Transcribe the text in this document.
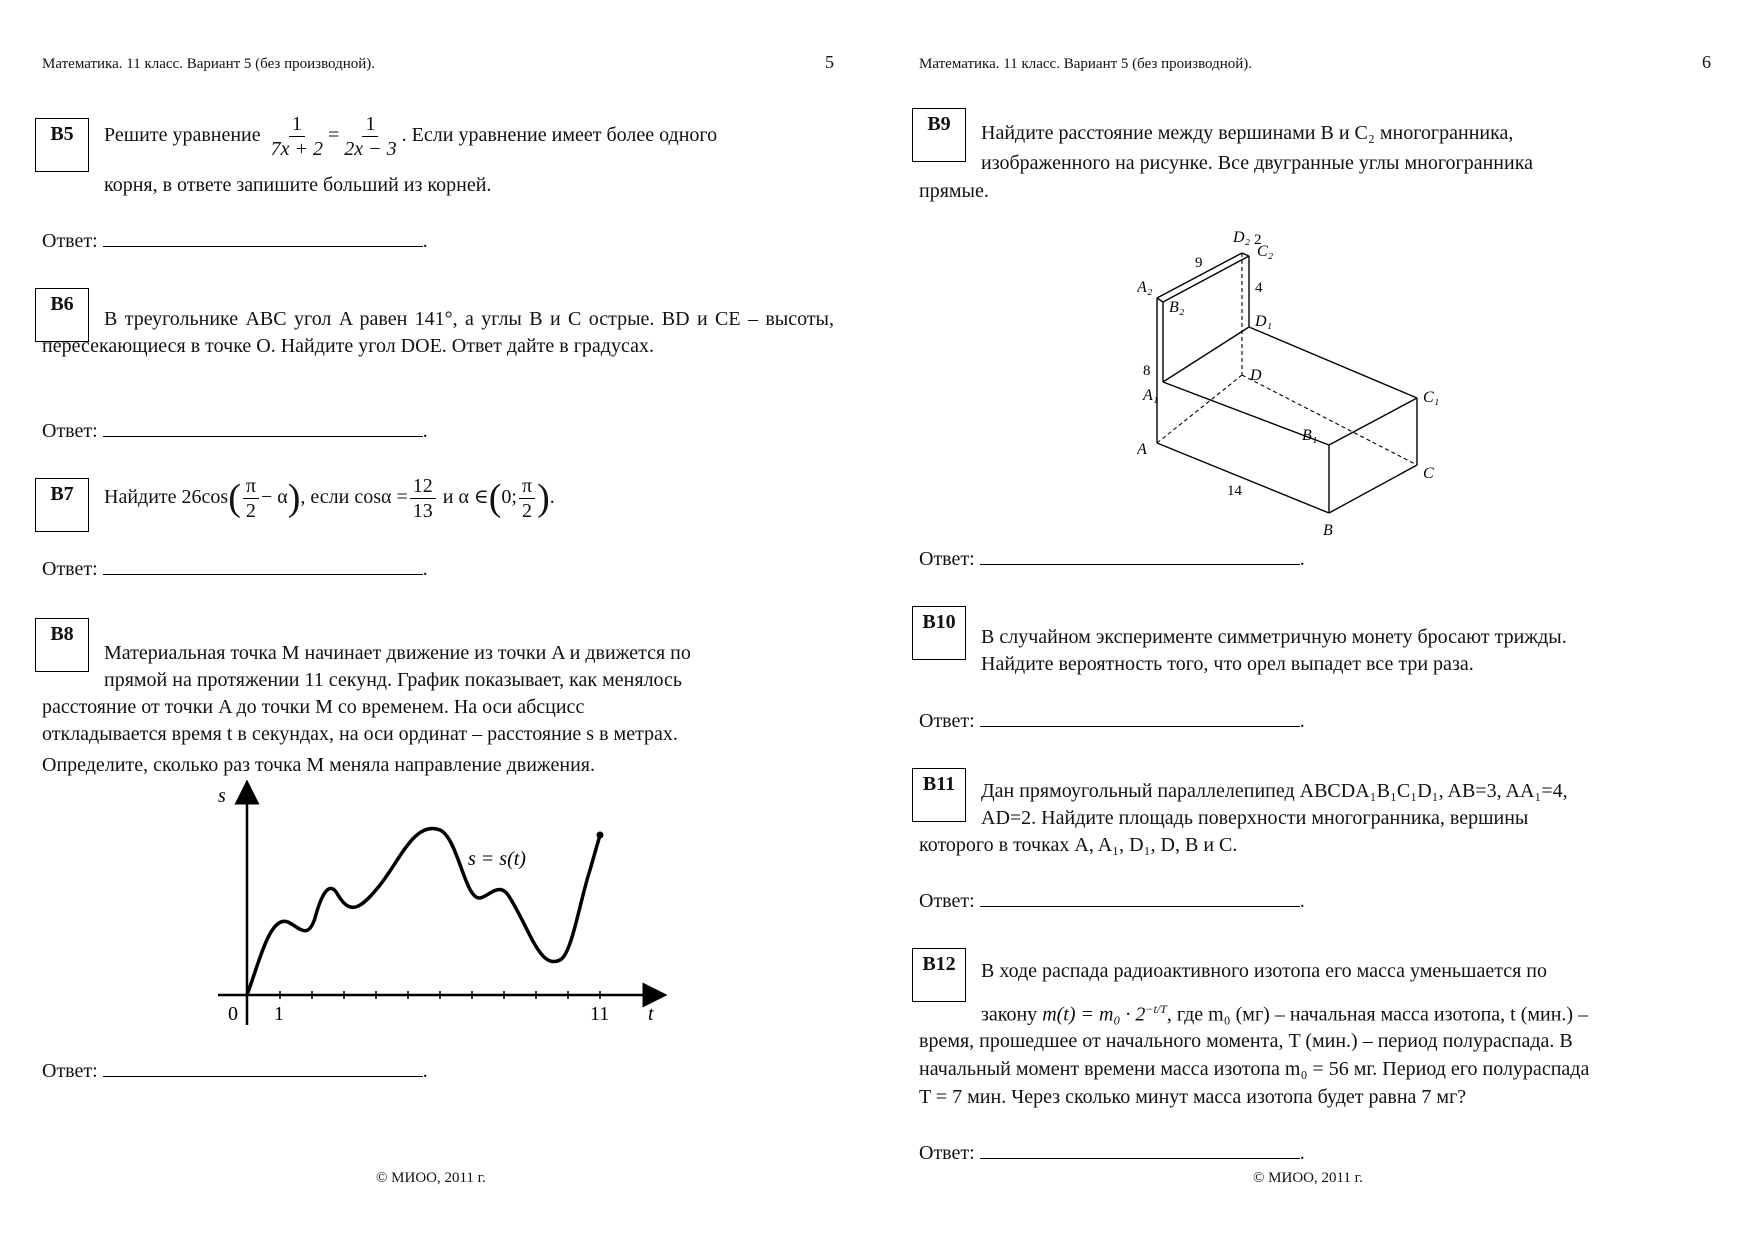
Математика. 11 класс. Вариант 5 (без производной).	5
B5	Решите уравнение $\frac{1}{7x + 2} = \frac{1}{2x - 3}$ . Если уравнение имеет более одного
корня, в ответе запишите больший из корней.
Ответ:	.
B6
В треугольнике ABC угол A равен 141°, а углы B и C острые. BD и CE – высоты, пересекающиеся в точке O. Найдите угол DOE. Ответ дайте в градусах.
Ответ:	.
B7	Найдите $26\cos( \frac{\pi}{2} - \alpha)$, если $\cos\alpha = \frac{12}{13}$ и α ∈(0; $\frac{\pi}{2}$ ).
Ответ:	.
B8
Материальная точка M начинает движение из точки A и движется по
прямой на протяжении 11 секунд. График показывает, как менялось
расстояние от точки A до точки M со временем. На оси абсцисс
откладывается время t в секундах, на оси ординат – расстояние s в метрах.
Определите, сколько раз точка M меняла направление движения.
s
t
0 1	11
s = s(t)
Ответ:	.
© МИОО, 2011 г.
Математика. 11 класс. Вариант 5 (без производной).	6
B9	Найдите расстояние между вершинами B и C₂ многогранника,
изображенного на рисунке. Все двугранные углы многогранника
прямые.
D₂
C₂
A₂
B₂
D₁
A₁
D
C₁
B₁
A
C
B
9
2
4
8
14
Ответ:	.
B10
В случайном эксперименте симметричную монету бросают трижды.
Найдите вероятность того, что орел выпадет все три раза.
Ответ:	.
B11	Дан прямоугольный параллелепипед ABCDA₁B₁C₁D₁, AB=3, AA₁=4,
AD=2. Найдите площадь поверхности многогранника, вершины
которого в точках A, A₁, D₁, D, B и C.
Ответ:	.
B12	В ходе распада радиоактивного изотопа его масса уменьшается по
закону $m(t) = m_0 \cdot 2^{-t/T}$, где m₀ (мг) – начальная масса изотопа, t (мин.) –
время, прошедшее от начального момента, T (мин.) – период полураспада. В
начальный момент времени масса изотопа m₀ = 56 мг. Период его полураспада
T = 7 мин. Через сколько минут масса изотопа будет равна 7 мг?
Ответ:	.
© МИОО, 2011 г.
